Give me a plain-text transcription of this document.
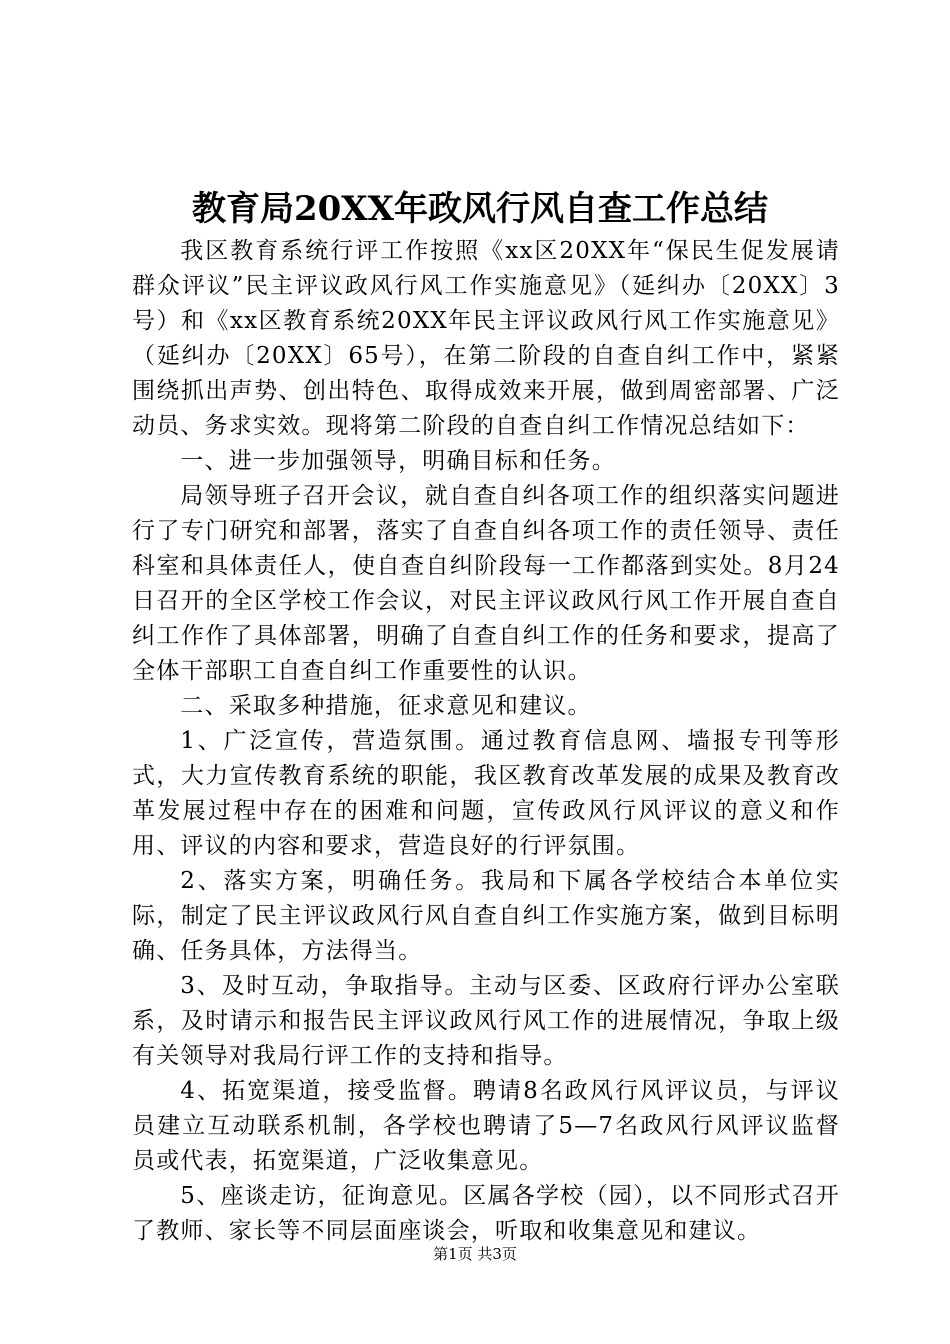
教育局20XX年政风行风自查工作总结

我区教育系统行评工作按照《xx区20XX年“保民生促发展请群众评议”民主评议政风行风工作实施意见》（延纠办〔20XX〕3号）和《xx区教育系统20XX年民主评议政风行风工作实施意见》（延纠办〔20XX〕65号），在第二阶段的自查自纠工作中，紧紧围绕抓出声势、创出特色、取得成效来开展，做到周密部署、广泛动员、务求实效。现将第二阶段的自查自纠工作情况总结如下：

一、进一步加强领导，明确目标和任务。

局领导班子召开会议，就自查自纠各项工作的组织落实问题进行了专门研究和部署，落实了自查自纠各项工作的责任领导、责任科室和具体责任人，使自查自纠阶段每一工作都落到实处。8月24日召开的全区学校工作会议，对民主评议政风行风工作开展自查自纠工作作了具体部署，明确了自查自纠工作的任务和要求，提高了全体干部职工自查自纠工作重要性的认识。

二、采取多种措施，征求意见和建议。

1、广泛宣传，营造氛围。通过教育信息网、墙报专刊等形式，大力宣传教育系统的职能，我区教育改革发展的成果及教育改革发展过程中存在的困难和问题，宣传政风行风评议的意义和作用、评议的内容和要求，营造良好的行评氛围。

2、落实方案，明确任务。我局和下属各学校结合本单位实际，制定了民主评议政风行风自查自纠工作实施方案，做到目标明确、任务具体，方法得当。

3、及时互动，争取指导。主动与区委、区政府行评办公室联系，及时请示和报告民主评议政风行风工作的进展情况，争取上级有关领导对我局行评工作的支持和指导。

4、拓宽渠道，接受监督。聘请8名政风行风评议员，与评议员建立互动联系机制，各学校也聘请了5—7名政风行风评议监督员或代表，拓宽渠道，广泛收集意见。

5、座谈走访，征询意见。区属各学校（园），以不同形式召开了教师、家长等不同层面座谈会，听取和收集意见和建议。

第1页 共3页
